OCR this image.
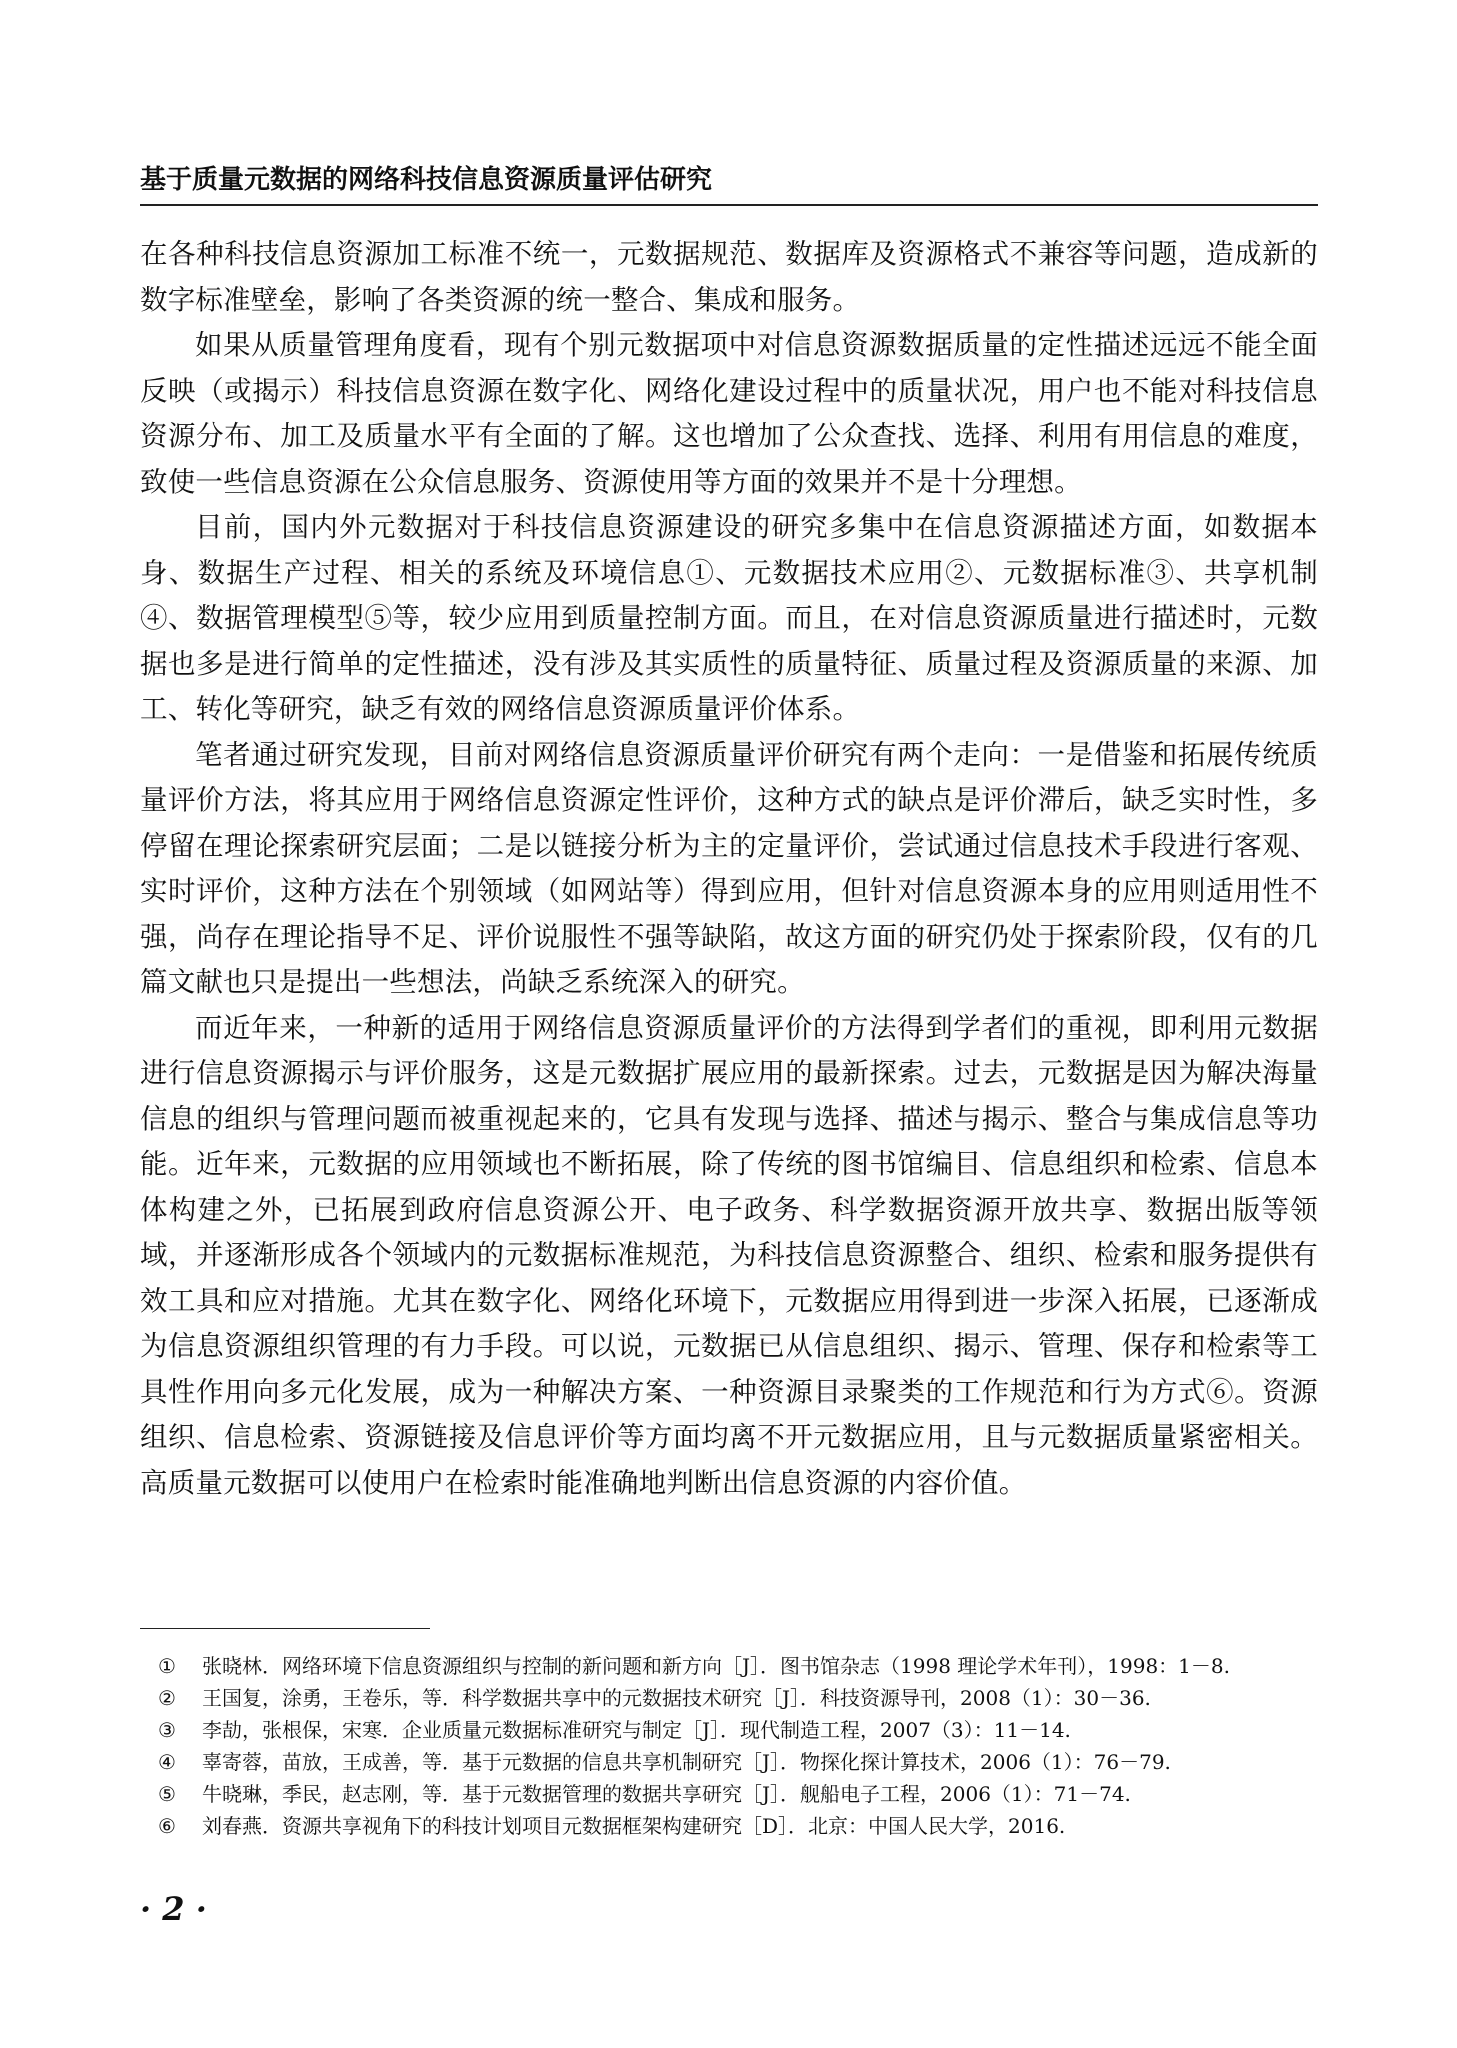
基于质量元数据的网络科技信息资源质量评估研究

在各种科技信息资源加工标准不统一，元数据规范、数据库及资源格式不兼容等问题，造成新的数字标准壁垒，影响了各类资源的统一整合、集成和服务。

如果从质量管理角度看，现有个别元数据项中对信息资源数据质量的定性描述远远不能全面反映（或揭示）科技信息资源在数字化、网络化建设过程中的质量状况，用户也不能对科技信息资源分布、加工及质量水平有全面的了解。这也增加了公众查找、选择、利用有用信息的难度，致使一些信息资源在公众信息服务、资源使用等方面的效果并不是十分理想。

目前，国内外元数据对于科技信息资源建设的研究多集中在信息资源描述方面，如数据本身、数据生产过程、相关的系统及环境信息①、元数据技术应用②、元数据标准③、共享机制④、数据管理模型⑤等，较少应用到质量控制方面。而且，在对信息资源质量进行描述时，元数据也多是进行简单的定性描述，没有涉及其实质性的质量特征、质量过程及资源质量的来源、加工、转化等研究，缺乏有效的网络信息资源质量评价体系。

笔者通过研究发现，目前对网络信息资源质量评价研究有两个走向：一是借鉴和拓展传统质量评价方法，将其应用于网络信息资源定性评价，这种方式的缺点是评价滞后，缺乏实时性，多停留在理论探索研究层面；二是以链接分析为主的定量评价，尝试通过信息技术手段进行客观、实时评价，这种方法在个别领域（如网站等）得到应用，但针对信息资源本身的应用则适用性不强，尚存在理论指导不足、评价说服性不强等缺陷，故这方面的研究仍处于探索阶段，仅有的几篇文献也只是提出一些想法，尚缺乏系统深入的研究。

而近年来，一种新的适用于网络信息资源质量评价的方法得到学者们的重视，即利用元数据进行信息资源揭示与评价服务，这是元数据扩展应用的最新探索。过去，元数据是因为解决海量信息的组织与管理问题而被重视起来的，它具有发现与选择、描述与揭示、整合与集成信息等功能。近年来，元数据的应用领域也不断拓展，除了传统的图书馆编目、信息组织和检索、信息本体构建之外，已拓展到政府信息资源公开、电子政务、科学数据资源开放共享、数据出版等领域，并逐渐形成各个领域内的元数据标准规范，为科技信息资源整合、组织、检索和服务提供有效工具和应对措施。尤其在数字化、网络化环境下，元数据应用得到进一步深入拓展，已逐渐成为信息资源组织管理的有力手段。可以说，元数据已从信息组织、揭示、管理、保存和检索等工具性作用向多元化发展，成为一种解决方案、一种资源目录聚类的工作规范和行为方式⑥。资源组织、信息检索、资源链接及信息评价等方面均离不开元数据应用，且与元数据质量紧密相关。高质量元数据可以使用户在检索时能准确地判断出信息资源的内容价值。

① 张晓林．网络环境下信息资源组织与控制的新问题和新方向［J］．图书馆杂志（1998 理论学术年刊），1998：1－8.
②	王国复，涂勇，王卷乐，等．科学数据共享中的元数据技术研究［J］．科技资源导刊，2008（1）：30－36.
③	李劼，张根保，宋寒．企业质量元数据标准研究与制定［J］．现代制造工程，2007（3）：11－14.
④	辜寄蓉，苗放，王成善，等．基于元数据的信息共享机制研究［J］．物探化探计算技术，2006（1）：76－79.
⑤	牛晓琳，季民，赵志刚，等．基于元数据管理的数据共享研究［J］．舰船电子工程，2006（1）：71－74.
⑥	刘春燕．资源共享视角下的科技计划项目元数据框架构建研究［D］．北京：中国人民大学，2016.
· 2 ·
